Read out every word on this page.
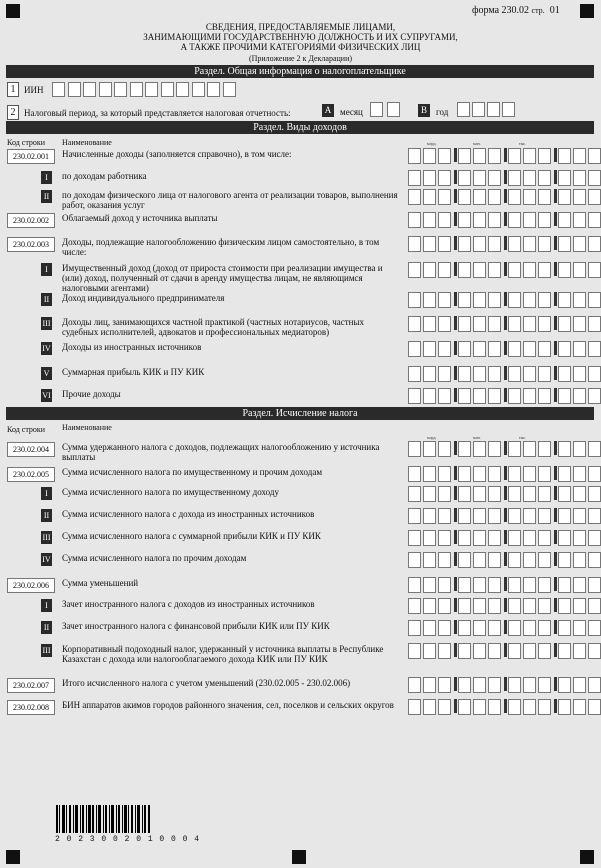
форма 230.02 стр. 01
СВЕДЕНИЯ, ПРЕДОСТАВЛЯЕМЫЕ ЛИЦАМИ,
ЗАНИМАЮЩИМИ ГОСУДАРСТВЕННУЮ ДОЛЖНОСТЬ И ИХ СУПРУГАМИ,
А ТАКЖЕ ПРОЧИМИ КАТЕГОРИЯМИ ФИЗИЧЕСКИХ ЛИЦ
(Приложение 2 к Декларации)
Раздел. Общая информация о налогоплательщике
1 ИИН
2 Налоговый период, за который представляется налоговая отчетность:	A месяц	B	год
Раздел. Виды доходов
Код строки Наименование	млрд.	млн.	тыс.
230.02.001	Начисленные доходы (заполняется справочно), в том числе:
I	по доходам работника
II	по доходам физического лица от налогового агента от реализации товаров, выполнения работ, оказания услуг
230.02.002	Облагаемый доход у источника выплаты
230.02.003	Доходы, подлежащие налогообложению физическим лицом самостоятельно, в том числе:
I	Имущественный доход (доход от прироста стоимости при реализации имущества и (или) доход, полученный от сдачи в аренду имущества лицам, не являющимся налоговыми агентами)
II	Доход индивидуального предпринимателя
III Доходы лиц, занимающихся частной практикой (частных нотариусов, частных судебных исполнителей, адвокатов и профессиональных медиаторов)
IV Доходы из иностранных источников
V Суммарная прибыль КИК и ПУ КИК
VI Прочие доходы
Раздел. Исчисление налога
Код строки Наименование
млрд.	млн.	тыс.
230.02.004	Сумма удержанного налога с доходов, подлежащих налогообложению у источника выплаты
230.02.005	Сумма исчисленного налога по имущественному и прочим доходам
I	Сумма исчисленного налога по имущественному доходу
II	Сумма исчисленного налога с дохода из иностранных источников
III Сумма исчисленного налога с суммарной прибыли КИК и ПУ КИК
IV Сумма исчисленного налога по прочим доходам
230.02.006	Сумма уменьшений
I	Зачет иностранного налога с доходов из иностранных источников
II	Зачет иностранного налога с финансовой прибыли КИК или ПУ КИК
III Корпоративный подоходный налог, удержанный у источника выплаты в Республике Казахстан с дохода или налогооблагаемого дохода КИК или ПУ КИК
230.02.007	Итого исчисленного налога с учетом уменьшений (230.02.005 - 230.02.006)
230.02.008	БИН аппаратов акимов городов районного значения, сел, поселков и сельских округов
2 0 2 3 0 0 2 0 1 0 0 0 4
